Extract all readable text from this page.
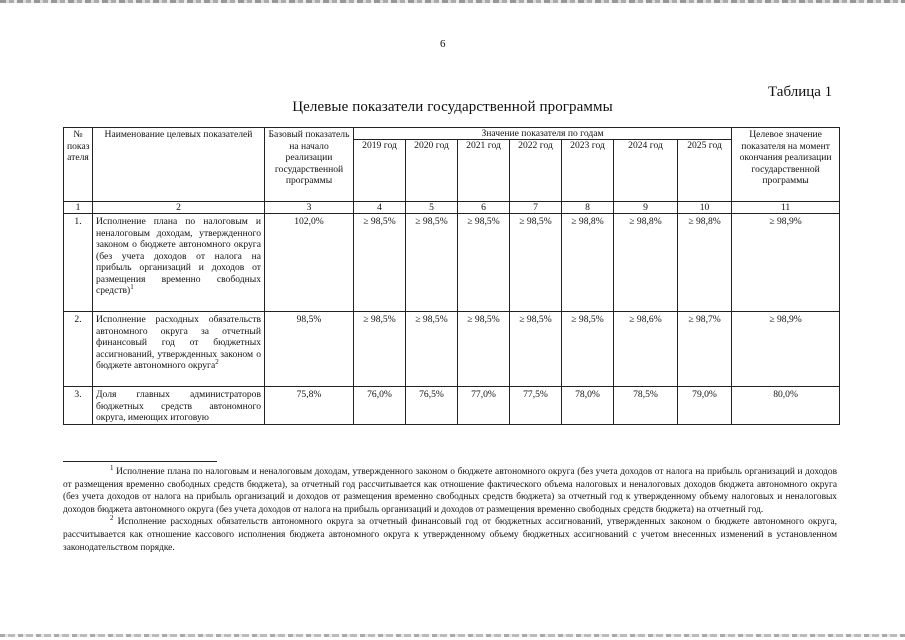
6
Таблица 1
Целевые показатели государственной программы
№ показ ателя	Наименование целевых показателей	Базовый показатель на начало реализации государственной программы	Значение показателя по годам							Целевое значение показателя на момент окончания реализации государственной программы
			2019 год	2020 год	2021 год	2022 год	2023 год	2024 год	2025 год	
1	2	3	4	5	6	7	8	9	10	11
1.	Исполнение плана по налоговым и неналоговым доходам, утвержденного законом о бюджете автономного округа (без учета доходов от налога на прибыль организаций и доходов от размещения временно свободных средств)$^1$	102,0%	≥ 98,5%	≥ 98,5%	≥ 98,5%	≥ 98,5%	≥ 98,8%	≥ 98,8%	≥ 98,8%	≥ 98,9%
2.	Исполнение расходных обязательств автономного округа за отчетный финансовый год от бюджетных ассигнований, утвержденных законом о бюджете автономного округа$^2$	98,5%	≥ 98,5%	≥ 98,5%	≥ 98,5%	≥ 98,5%	≥ 98,5%	≥ 98,6%	≥ 98,7%	≥ 98,9%
3.	Доля главных администраторов бюджетных средств автономного округа, имеющих итоговую	75,8%	76,0%	76,5%	77,0%	77,5%	78,0%	78,5%	79,0%	80,0%

$^1$ Исполнение плана по налоговым и неналоговым доходам, утвержденного законом о бюджете автономного округа (без учета доходов от налога на прибыль организаций и доходов от размещения временно свободных средств бюджета), за отчетный год рассчитывается как отношение фактического объема налоговых и неналоговых доходов бюджета автономного округа (без учета доходов от налога на прибыль организаций и доходов от размещения временно свободных средств бюджета) за отчетный год к утвержденному объему налоговых и неналоговых доходов бюджета автономного округа (без учета доходов от налога на прибыль организаций и доходов от размещения временно свободных средств бюджета) на отчетный год.

$^2$ Исполнение расходных обязательств автономного округа за отчетный финансовый год от бюджетных ассигнований, утвержденных законом о бюджете автономного округа, рассчитывается как отношение кассового исполнения бюджета автономного округа к утвержденному объему бюджетных ассигнований с учетом внесенных изменений в установленном законодательством порядке.
